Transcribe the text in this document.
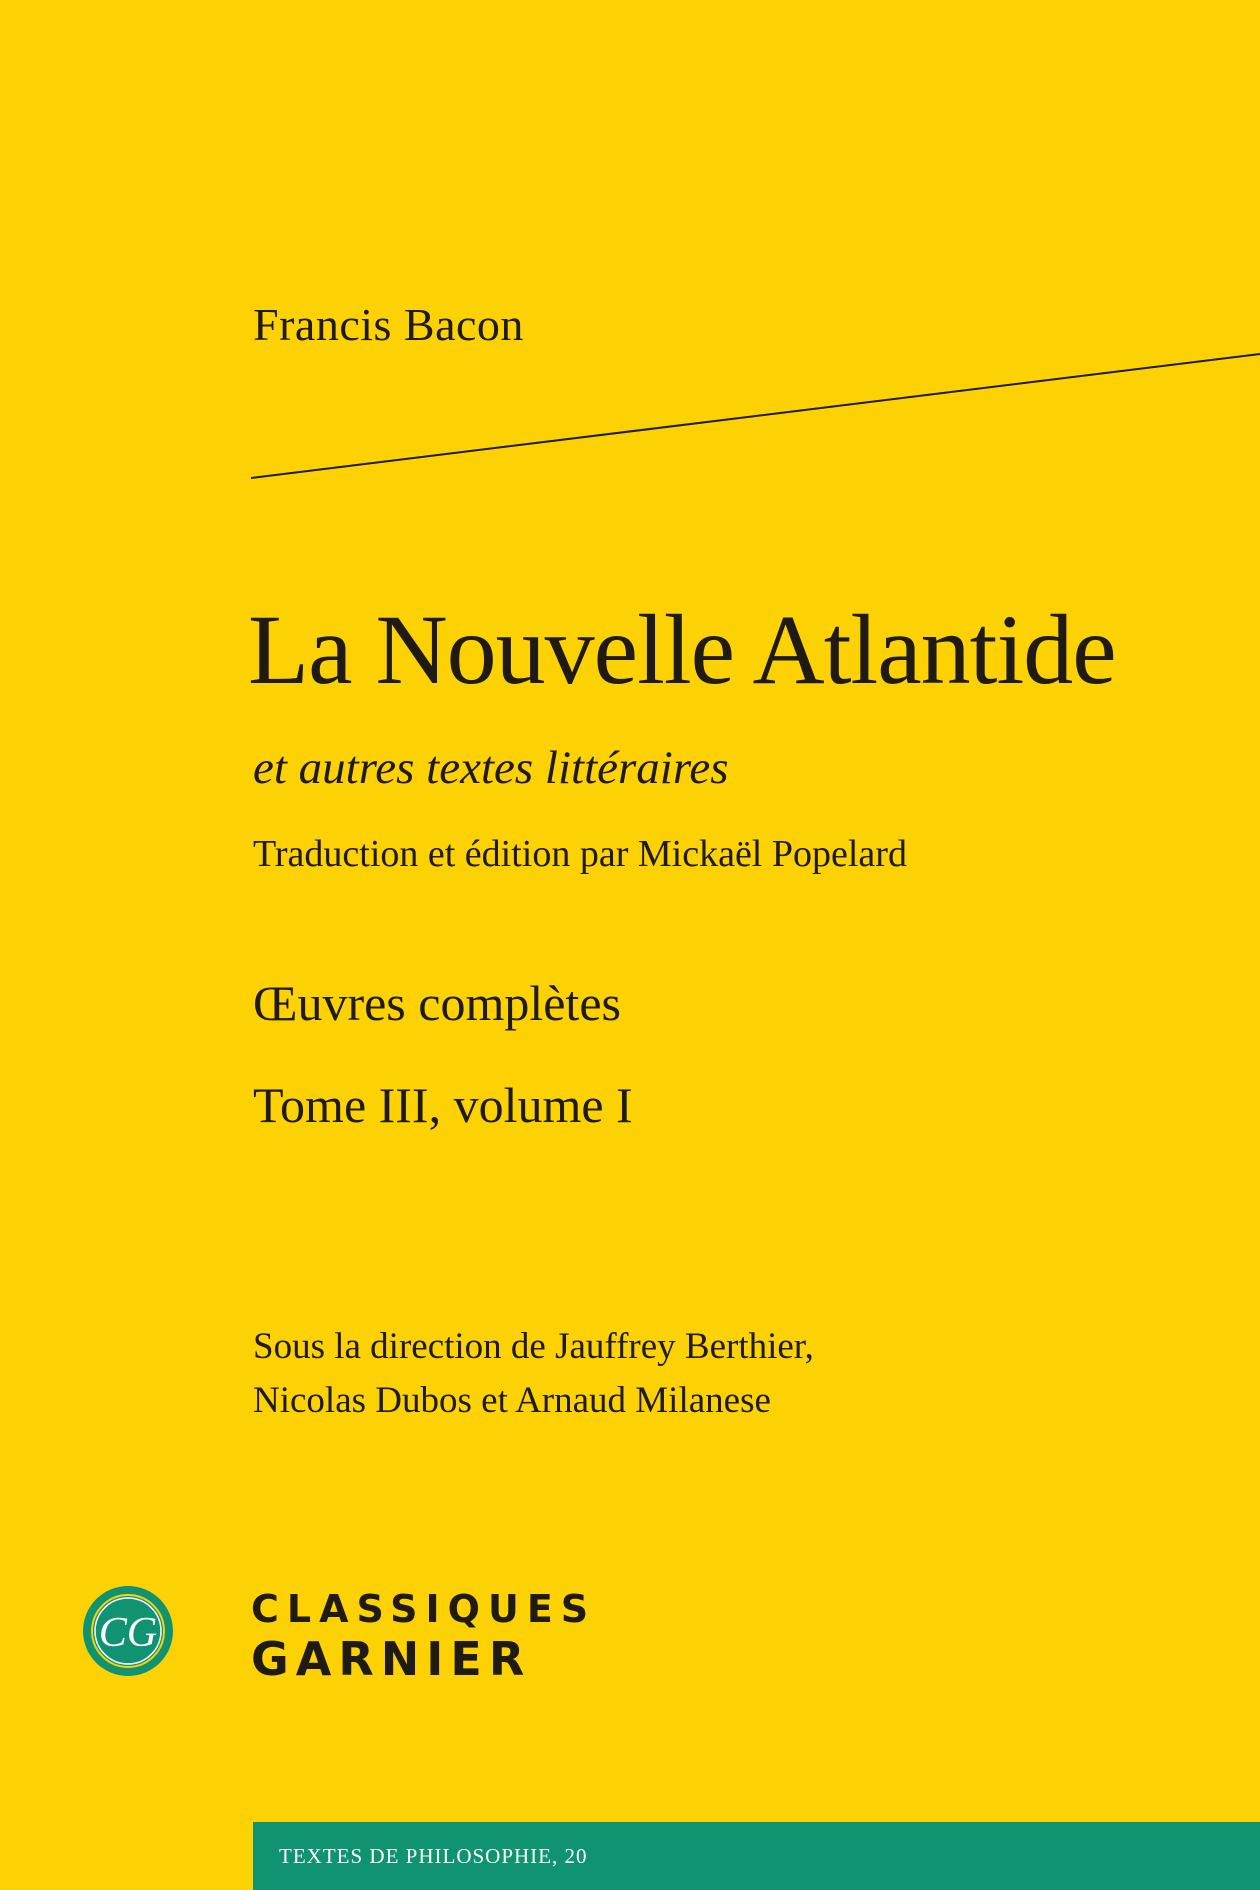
Francis Bacon
La Nouvelle Atlantide
et autres textes littéraires
Traduction et édition par Mickaël Popelard
Œuvres complètes
Tome III, volume I
Sous la direction de Jauffrey Berthier,
Nicolas Dubos et Arnaud Milanese
CG
CLASSIQUES
GARNIER
TEXTES DE PHILOSOPHIE, 20
